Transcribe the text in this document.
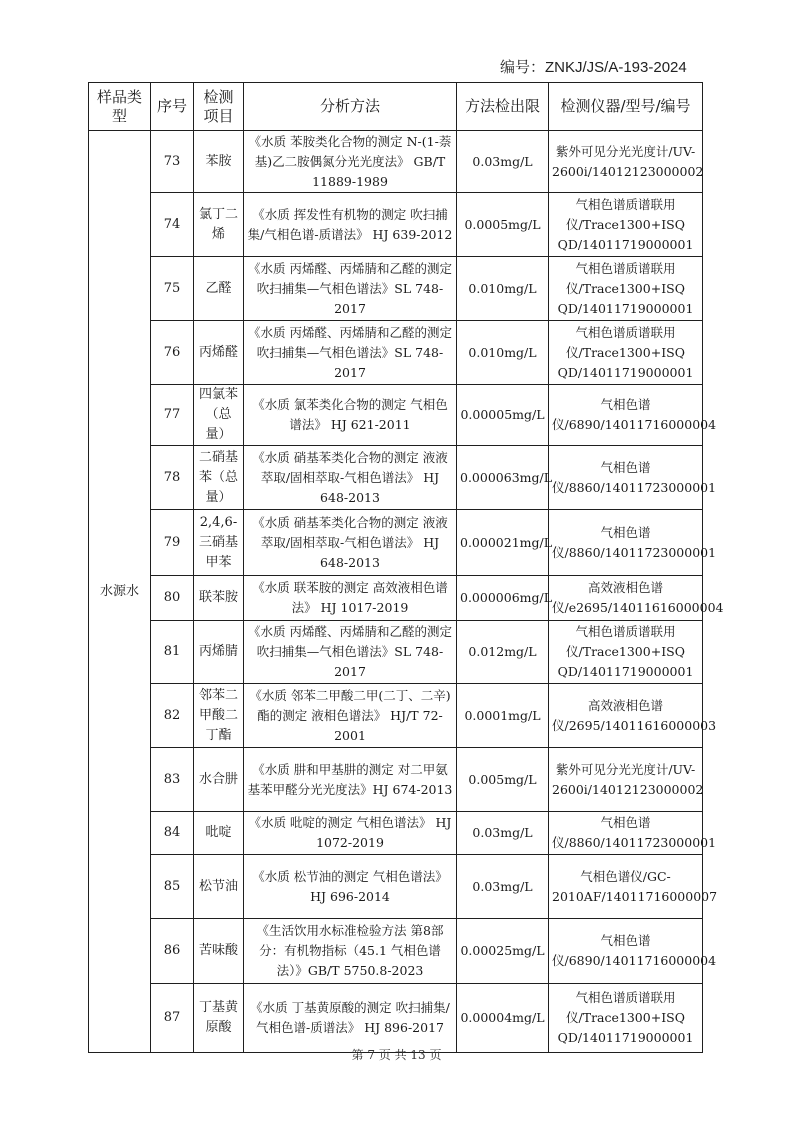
编号：ZNKJ/JS/A-193-2024
样品类型	序号	检测项目	分析方法	方法检出限	检测仪器/型号/编号
水源水	73	苯胺	《水质 苯胺类化合物的测定 N-(1-萘基)乙二胺偶氮分光光度法》 GB/T 11889-1989	0.03mg/L	紫外可见分光光度计/UV-2600i/14012123000002
	74	氯丁二烯	《水质 挥发性有机物的测定 吹扫捕集/气相色谱-质谱法》 HJ 639-2012	0.0005mg/L	气相色谱质谱联用仪/Trace1300+ISQ QD/14011719000001
	75	乙醛	《水质 丙烯醛、丙烯腈和乙醛的测定 吹扫捕集—气相色谱法》SL 748-2017	0.010mg/L	气相色谱质谱联用仪/Trace1300+ISQ QD/14011719000001
	76	丙烯醛	《水质 丙烯醛、丙烯腈和乙醛的测定 吹扫捕集—气相色谱法》SL 748-2017	0.010mg/L	气相色谱质谱联用仪/Trace1300+ISQ QD/14011719000001
	77	四氯苯（总量）	《水质 氯苯类化合物的测定 气相色谱法》 HJ 621-2011	0.00005mg/L	气相色谱仪/6890/14011716000004
	78	二硝基苯（总量）	《水质 硝基苯类化合物的测定 液液萃取/固相萃取-气相色谱法》 HJ 648-2013	0.000063mg/L	气相色谱仪/8860/14011723000001
	79	2,4,6-三硝基甲苯	《水质 硝基苯类化合物的测定 液液萃取/固相萃取-气相色谱法》 HJ 648-2013	0.000021mg/L	气相色谱仪/8860/14011723000001
	80	联苯胺	《水质 联苯胺的测定 高效液相色谱法》 HJ 1017-2019	0.000006mg/L	高效液相色谱仪/e2695/14011616000004
	81	丙烯腈	《水质 丙烯醛、丙烯腈和乙醛的测定 吹扫捕集—气相色谱法》SL 748-2017	0.012mg/L	气相色谱质谱联用仪/Trace1300+ISQ QD/14011719000001
	82	邻苯二甲酸二丁酯	《水质 邻苯二甲酸二甲(二丁、二辛)酯的测定 液相色谱法》 HJ/T 72-2001	0.0001mg/L	高效液相色谱仪/2695/14011616000003
	83	水合肼	《水质 肼和甲基肼的测定 对二甲氨基苯甲醛分光光度法》HJ 674-2013	0.005mg/L	紫外可见分光光度计/UV-2600i/14012123000002
	84	吡啶	《水质 吡啶的测定 气相色谱法》 HJ 1072-2019	0.03mg/L	气相色谱仪/8860/14011723000001
	85	松节油	《水质 松节油的测定 气相色谱法》 HJ 696-2014	0.03mg/L	气相色谱仪/GC-2010AF/14011716000007
	86	苦味酸	《生活饮用水标准检验方法 第8部分：有机物指标（45.1 气相色谱法）》GB/T 5750.8-2023	0.00025mg/L	气相色谱仪/6890/14011716000004
	87	丁基黄原酸	《水质 丁基黄原酸的测定 吹扫捕集/气相色谱-质谱法》 HJ 896-2017	0.00004mg/L	气相色谱质谱联用仪/Trace1300+ISQ QD/14011719000001
第 7 页 共 13 页
